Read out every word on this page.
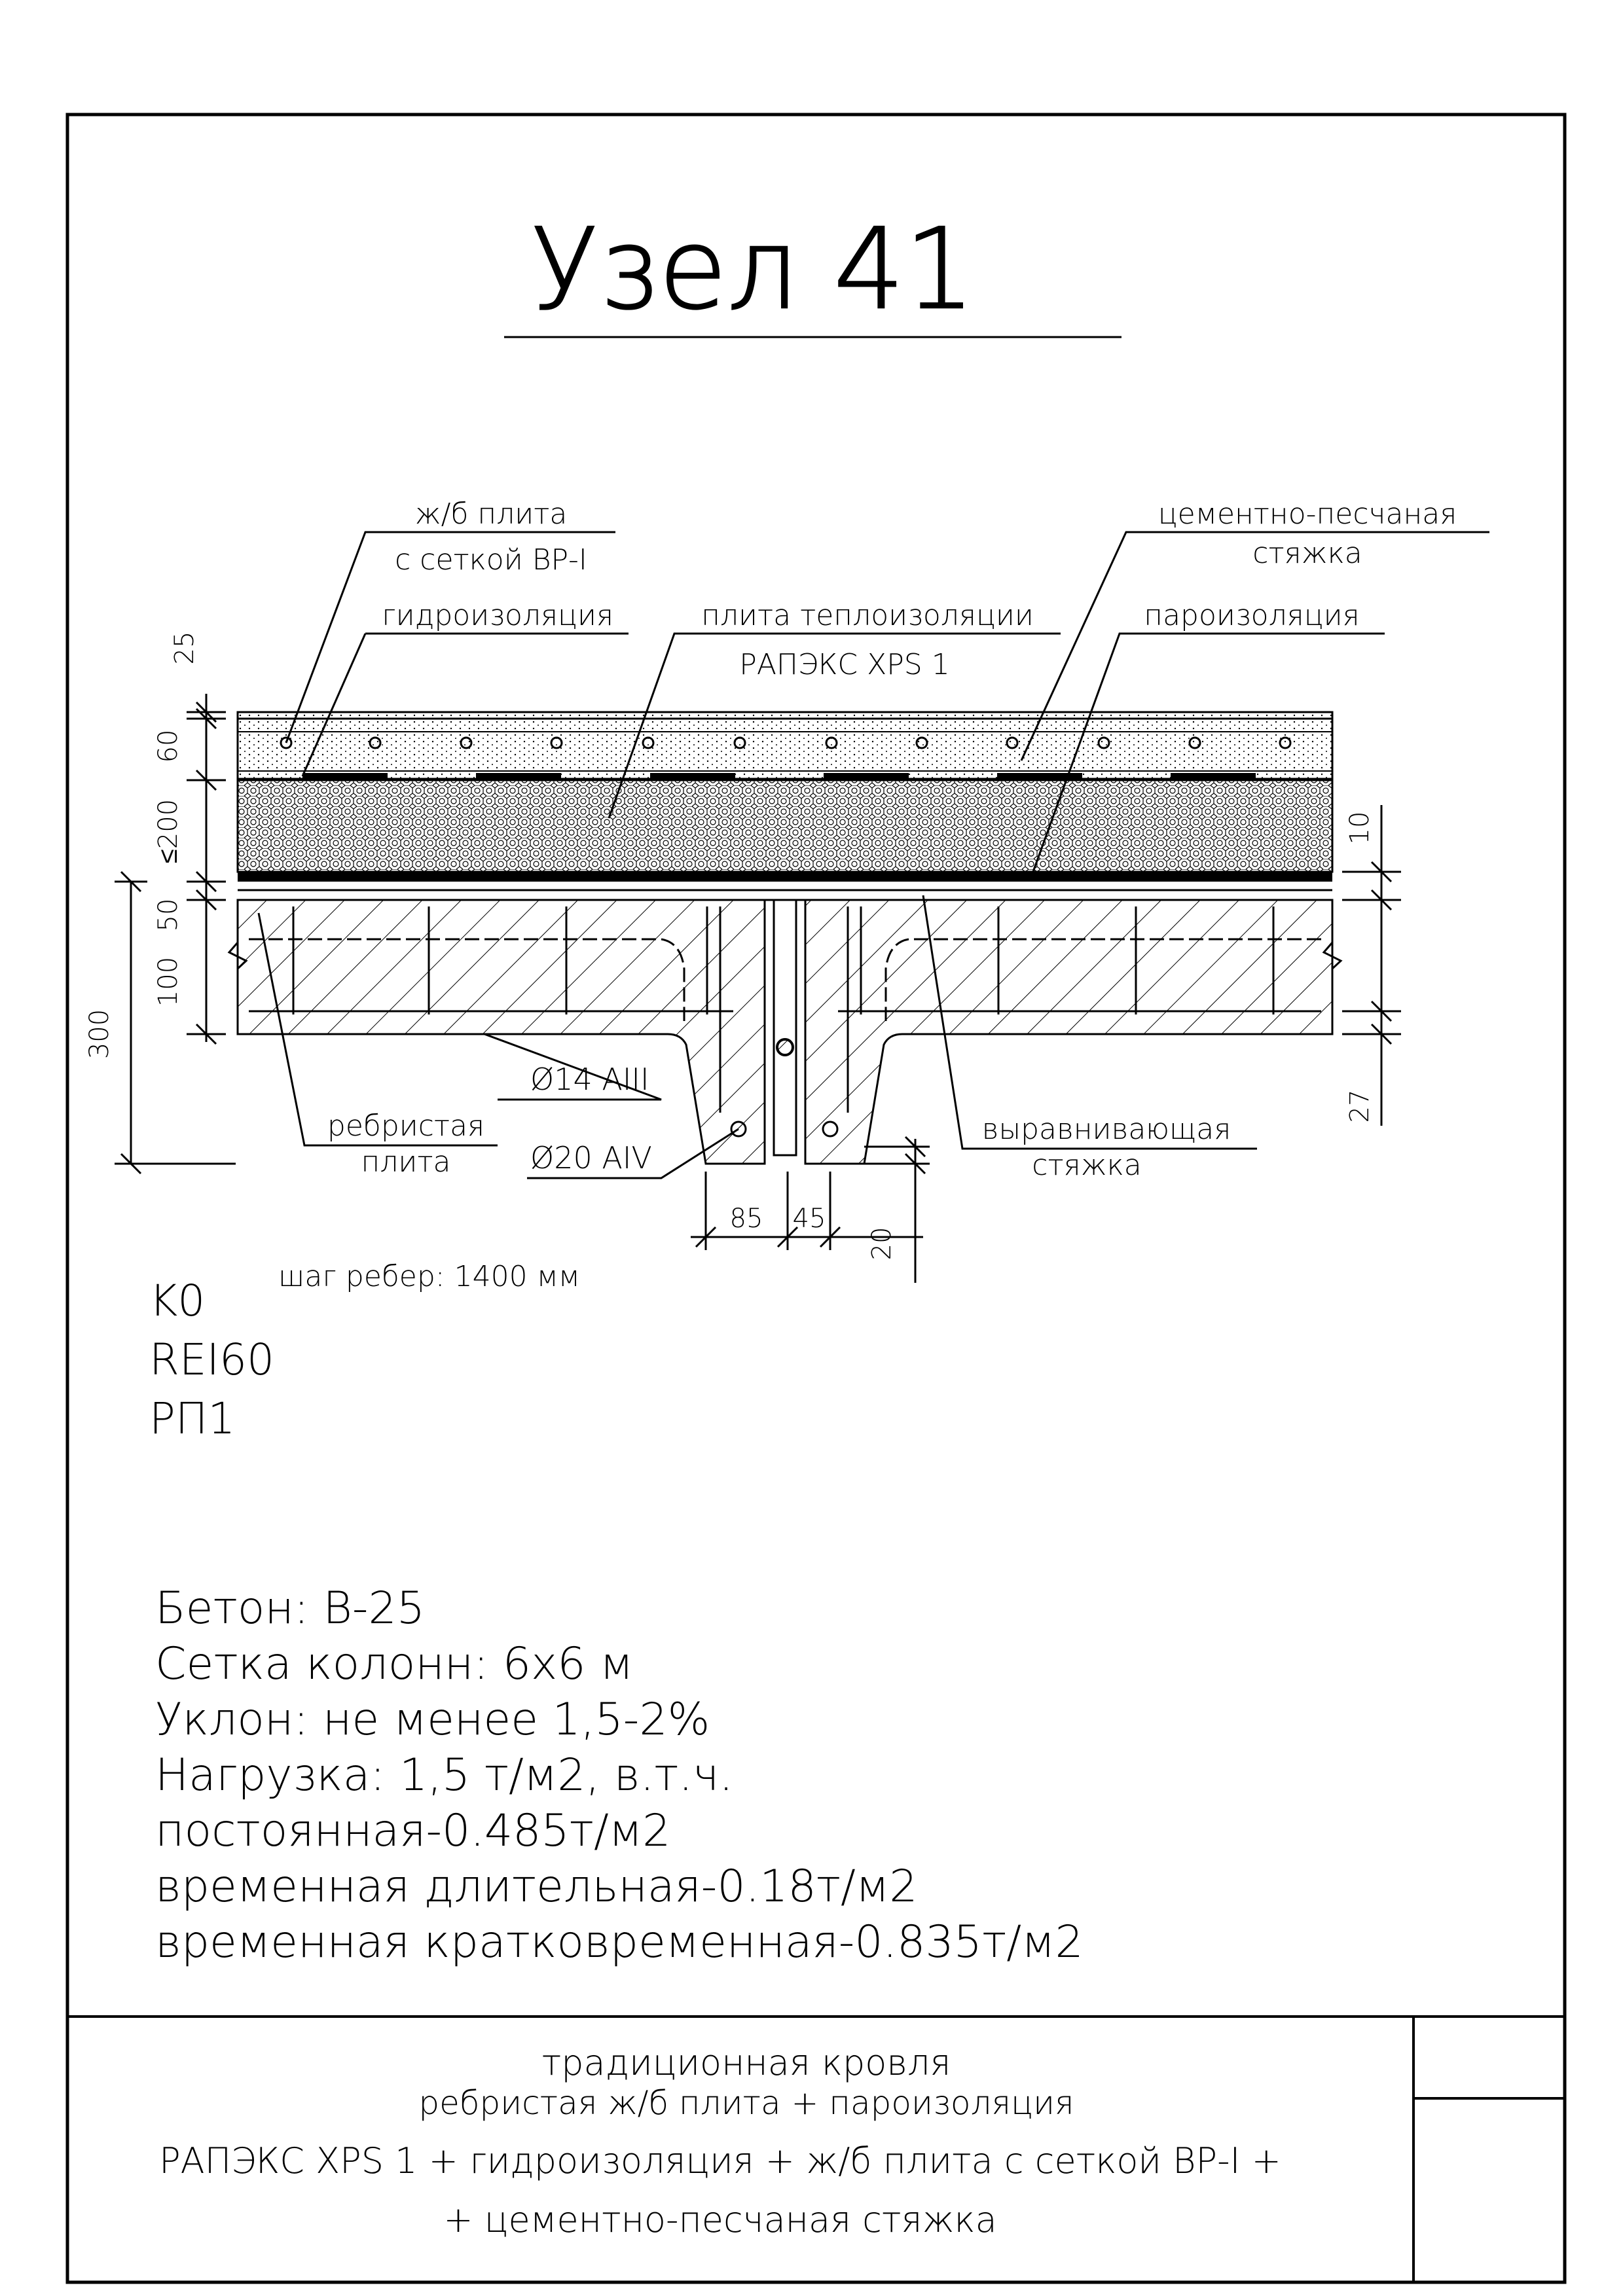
Узел 41
ж/б плита
с сеткой ВР-I
цементно-песчаная
стяжка
гидроизоляция	плита теплоизоляции
РАПЭКС XPS 1
пароизоляция
ребристая
плита
выравнивающая
стяжка
Ø14 AIII
Ø20 AIV
25
60
≤200
50
100
300
10
27
85 45
20
шаг ребер: 1400 мм
K0
REI60
РП1
Бетон: В-25
Сетка колонн: 6х6 м
Уклон: не менее 1,5-2%
Нагрузка: 1,5 т/м2, в.т.ч.
постоянная-0.485т/м2
временная длительная-0.18т/м2
временная кратковременная-0.835т/м2
традиционная кровля
ребристая ж/б плита + пароизоляция
РАПЭКС XPS 1 + гидроизоляция + ж/б плита с сеткой ВР-I +
+ цементно-песчаная стяжка
